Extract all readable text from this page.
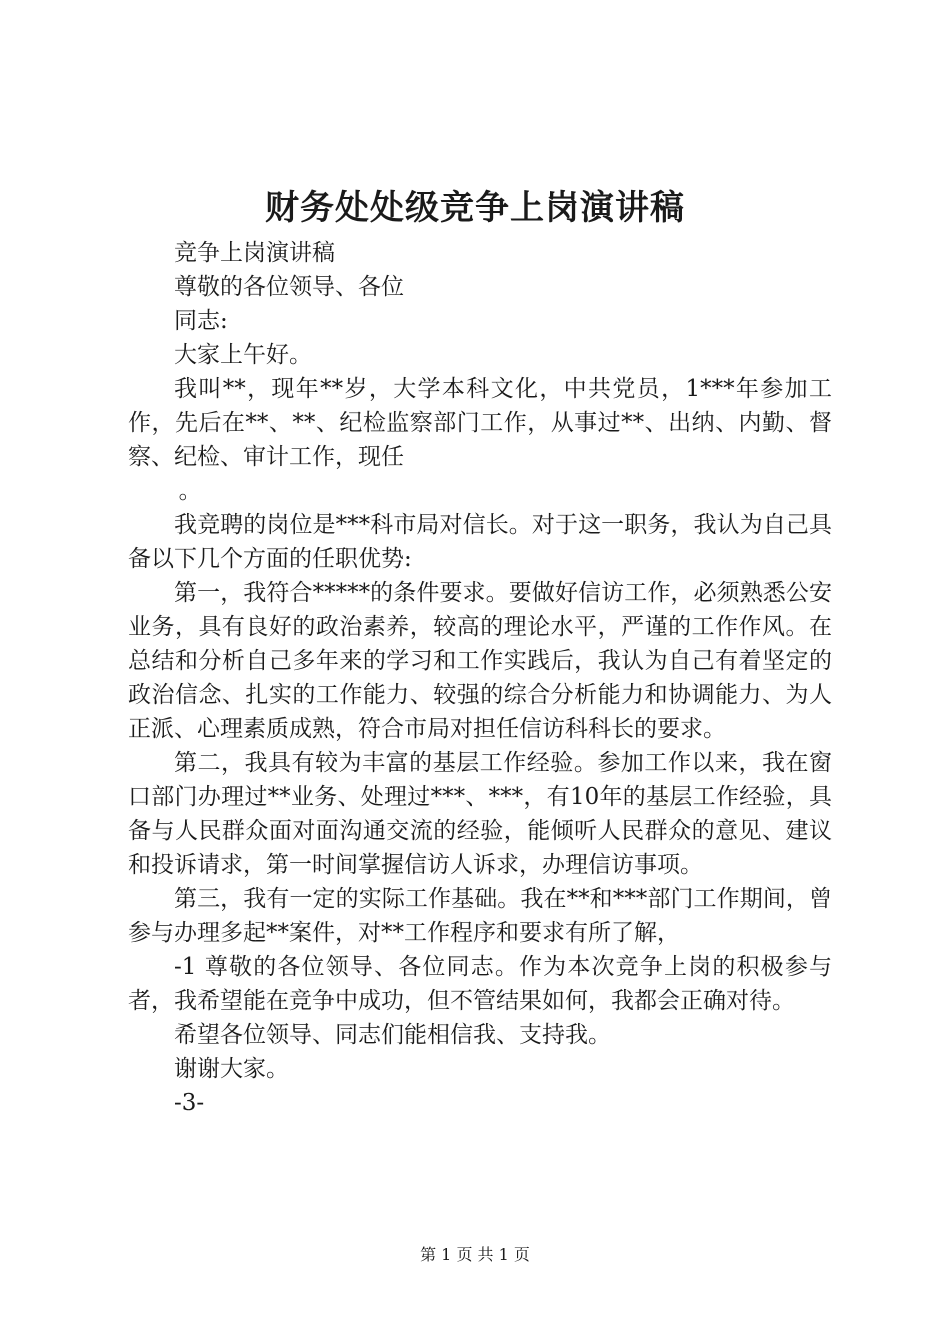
财务处处级竞争上岗演讲稿

竞争上岗演讲稿

尊敬的各位领导、各位

同志:

大家上午好。

我叫**，现年**岁，大学本科文化，中共党员，1***年参加工作，先后在**、**、纪检监察部门工作，从事过**、出纳、内勤、督察、纪检、审计工作，现任

。

我竞聘的岗位是***科市局对信长。对于这一职务，我认为自己具备以下几个方面的任职优势:

第一，我符合*****的条件要求。要做好信访工作，必须熟悉公安业务，具有良好的政治素养，较高的理论水平，严谨的工作作风。在总结和分析自己多年来的学习和工作实践后，我认为自己有着坚定的政治信念、扎实的工作能力、较强的综合分析能力和协调能力、为人正派、心理素质成熟，符合市局对担任信访科科长的要求。

第二，我具有较为丰富的基层工作经验。参加工作以来，我在窗口部门办理过**业务、处理过***、***，有10年的基层工作经验，具备与人民群众面对面沟通交流的经验，能倾听人民群众的意见、建议和投诉请求，第一时间掌握信访人诉求，办理信访事项。

第三，我有一定的实际工作基础。我在**和***部门工作期间，曾参与办理多起**案件，对**工作程序和要求有所了解，

-1 尊敬的各位领导、各位同志。作为本次竞争上岗的积极参与者，我希望能在竞争中成功，但不管结果如何，我都会正确对待。

希望各位领导、同志们能相信我、支持我。

谢谢大家。

-3-

第 1 页 共 1 页
